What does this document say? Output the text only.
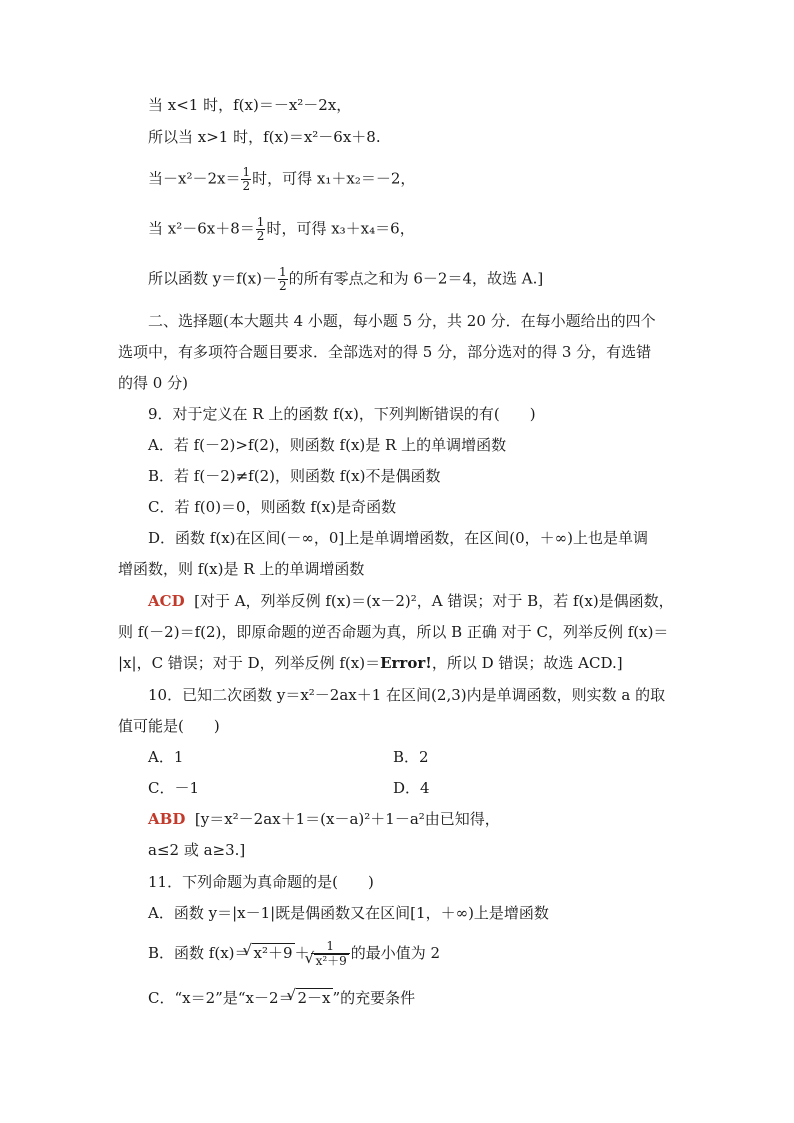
当 x<1 时，f(x)＝－x²－2x，
所以当 x>1 时，f(x)＝x²－6x＋8.
当$-x^2-2x= \frac{1}{2}$ 时，可得 x₁＋x₂＝－2，
当 $x^2-6x+8= \frac{1}{2}$ 时，可得 x₃＋x₄＝6，
所以函数 $y=f(x)- \frac{1}{2}$ 的所有零点之和为 6－2＝4，故选 A.]
二、选择题(本大题共 4 小题，每小题 5 分，共 20 分．在每小题给出的四个
选项中，有多项符合题目要求．全部选对的得 5 分，部分选对的得 3 分，有选错
的得 0 分)
9．对于定义在 R 上的函数 f(x)，下列判断错误的有(　　)
A．若 f(－2)>f(2)，则函数 f(x)是 R 上的单调增函数
B．若 f(－2)≠f(2)，则函数 f(x)不是偶函数
C．若 f(0)＝0，则函数 f(x)是奇函数
D．函数 f(x)在区间(－∞，0]上是单调增函数，在区间(0，＋∞)上也是单调
增函数，则 f(x)是 R 上的单调增函数
ACD [对于 A，列举反例 f(x)＝(x－2)²，A 错误；对于 B，若 f(x)是偶函数，
则 f(－2)＝f(2)，即原命题的逆否命题为真，所以 B 正确 对于 C，列举反例 f(x)＝
|x|，C 错误；对于 D，列举反例 f(x)＝Error!，所以 D 错误；故选 ACD.]
10．已知二次函数 y＝x²－2ax＋1 在区间(2,3)内是单调函数，则实数 a 的取
值可能是(　　)
A．1	B．2
C．－1	D．4
ABD [y＝x²－2ax＋1＝(x－a)²＋1－a²由已知得，
a≤2 或 a≥3.]
11．下列命题为真命题的是(　　)
A．函数 y＝|x－1|既是偶函数又在区间[1，＋∞)上是增函数
B．函数 f(x)＝ √ x²＋9 ＋ 1
√ x²＋9 的最小值为 2
C．“x＝2”是“x－2＝ √ 2－x ”的充要条件
